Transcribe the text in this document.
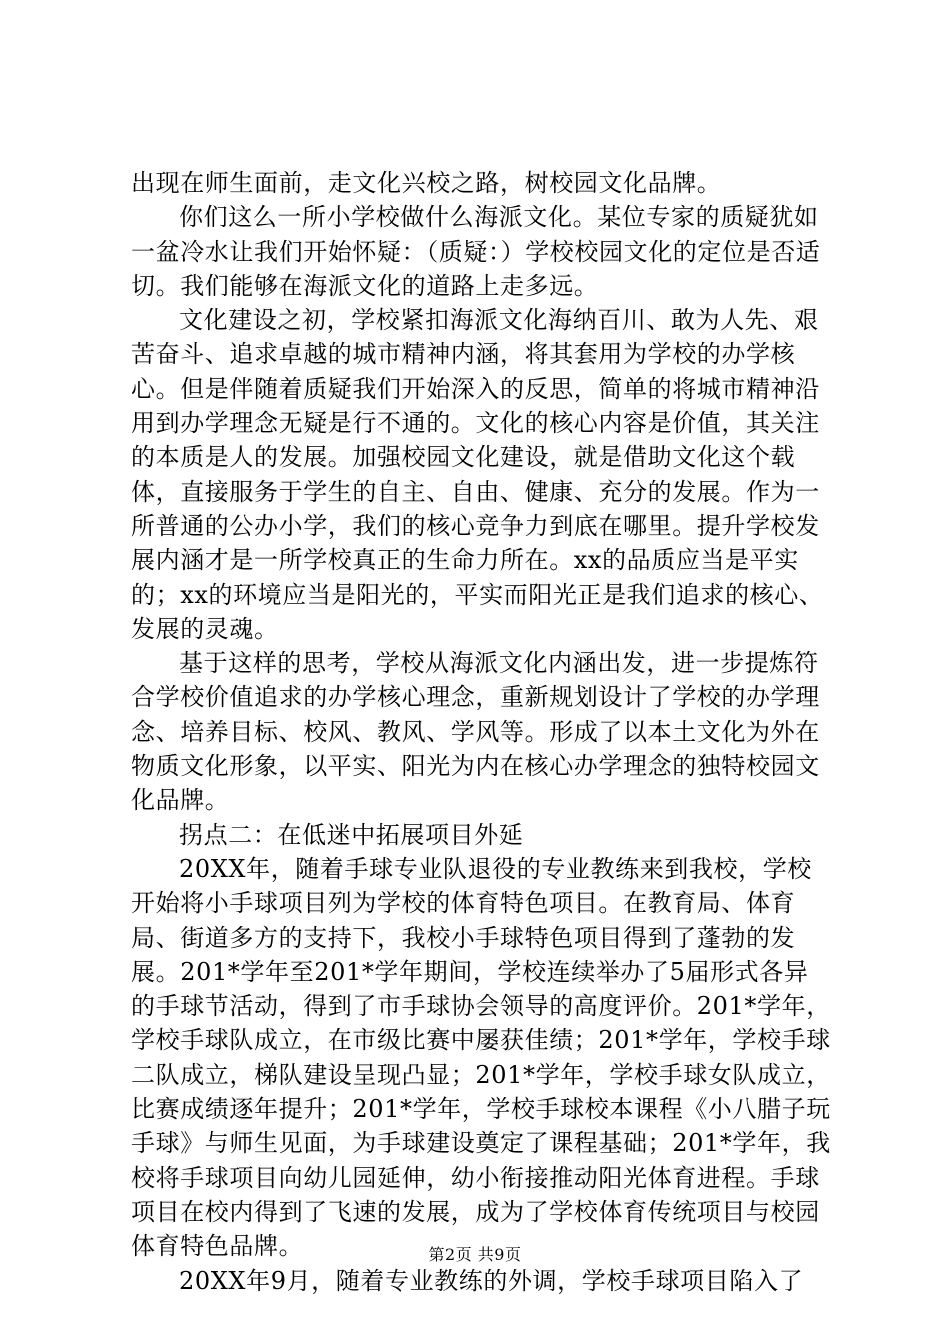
出现在师生面前，走文化兴校之路，树校园文化品牌。

你们这么一所小学校做什么海派文化。某位专家的质疑犹如一盆冷水让我们开始怀疑：（质疑：）学校校园文化的定位是否适切。我们能够在海派文化的道路上走多远。

文化建设之初，学校紧扣海派文化海纳百川、敢为人先、艰苦奋斗、追求卓越的城市精神内涵，将其套用为学校的办学核心。但是伴随着质疑我们开始深入的反思，简单的将城市精神沿用到办学理念无疑是行不通的。文化的核心内容是价值，其关注的本质是人的发展。加强校园文化建设，就是借助文化这个载体，直接服务于学生的自主、自由、健康、充分的发展。作为一所普通的公办小学，我们的核心竞争力到底在哪里。提升学校发展内涵才是一所学校真正的生命力所在。xx的品质应当是平实的；xx的环境应当是阳光的，平实而阳光正是我们追求的核心、发展的灵魂。

基于这样的思考，学校从海派文化内涵出发，进一步提炼符合学校价值追求的办学核心理念，重新规划设计了学校的办学理念、培养目标、校风、教风、学风等。形成了以本土文化为外在物质文化形象，以平实、阳光为内在核心办学理念的独特校园文化品牌。

拐点二：在低迷中拓展项目外延

20XX年，随着手球专业队退役的专业教练来到我校，学校开始将小手球项目列为学校的体育特色项目。在教育局、体育局、街道多方的支持下，我校小手球特色项目得到了蓬勃的发展。201*学年至201*学年期间，学校连续举办了5届形式各异的手球节活动，得到了市手球协会领导的高度评价。201*学年，学校手球队成立，在市级比赛中屡获佳绩；201*学年，学校手球二队成立，梯队建设呈现凸显；201*学年，学校手球女队成立，比赛成绩逐年提升；201*学年，学校手球校本课程《小八腊子玩手球》与师生见面，为手球建设奠定了课程基础；201*学年，我校将手球项目向幼儿园延伸，幼小衔接推动阳光体育进程。手球项目在校内得到了飞速的发展，成为了学校体育传统项目与校园体育特色品牌。

20XX年9月，随着专业教练的外调，学校手球项目陷入了

第2页 共9页
